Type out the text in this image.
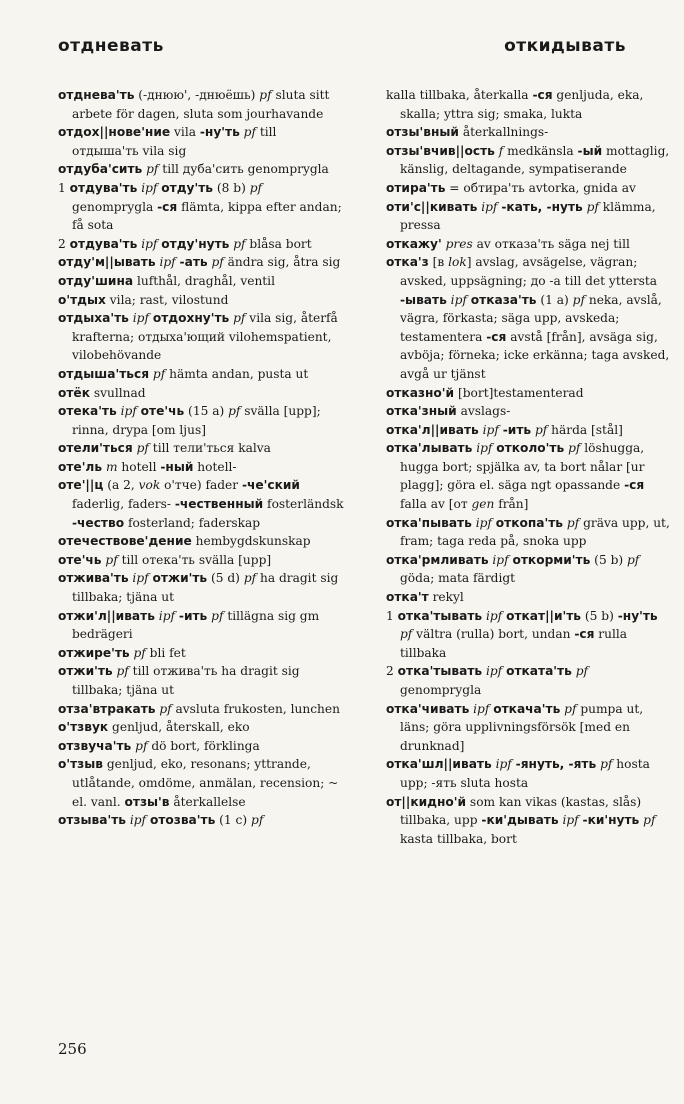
отдневать	откидывать

отднева'ть (-днюю', -днюёшь) pf sluta sitt arbete för dagen, sluta som jourhavande

отдох||нове'ние vila -ну'ть pf till отдыша'ть vila sig

отдуба'сить pf till дуба'сить genomprygla

1 отдува'ть ipf отду'ть (8 b) pf genomprygla -ся flämta, kippa efter andan; få sota

2 отдува'ть ipf отду'нуть pf blåsa bort

отду'м||ывать ipf -ать pf ändra sig, åtra sig

отду'шина lufthål, draghål, ventil

о'тдых vila; rast, vilostund

отдыха'ть ipf отдохну'ть pf vila sig, återfå krafterna; отдыха'ющий vilohemspatient, vilobehövande

отдыша'ться pf hämta andan, pusta ut

отёк svullnad

отека'ть ipf оте'чь (15 a) pf svälla [upp]; rinna, drypa [om ljus]

отели'ться pf till тели'ться kalva

оте'ль m hotell -ный hotell-

оте'||ц (a 2, vok о'тче) fader -че'ский faderlig, faders- -чественный fosterländsk -чество fosterland; faderskap

отечествове'дение hembygdskunskap

оте'чь pf till отека'ть svälla [upp]

отжива'ть ipf отжи'ть (5 d) pf ha dragit sig tillbaka; tjäna ut

отжи'л||ивать ipf -ить pf tillägna sig gm bedrägeri

отжире'ть pf bli fet

отжи'ть pf till отжива'ть ha dragit sig tillbaka; tjäna ut

отза'втракать pf avsluta frukosten, lunchen

о'тзвук genljud, återskall, eko

отзвуча'ть pf dö bort, förklinga

о'тзыв genljud, eko, resonans; yttrande, utlåtande, omdöme, anmälan, recension; ~ el. vanl. отзы'в återkallelse

отзыва'ть ipf отозва'ть (1 c) pf

kalla tillbaka, återkalla -ся genljuda, eka, skalla; yttra sig; smaka, lukta

отзы'вный återkallnings-

отзы'вчив||ость f medkänsla -ый mottaglig, känslig, deltagande, sympatiserande

отира'ть = обтира'ть avtorka, gnida av

оти'с||кивать ipf -кать, -нуть pf klämma, pressa

откажу' pres av отказа'ть säga nej till

отка'з [в lok] avslag, avsägelse, vägran; avsked, uppsägning; до -а till det yttersta -ывать ipf отказа'ть (1 a) pf neka, avslå, vägra, förkasta; säga upp, avskeda; testamentera -ся avstå [från], avsäga sig, avböja; förneka; icke erkänna; taga avsked, avgå ur tjänst

отказно'й [bort]testamenterad

отка'зный avslags-

отка'л||ивать ipf -ить pf härda [stål]

отка'лывать ipf отколо'ть pf löshugga, hugga bort; spjälka av, ta bort nålar [ur plagg]; göra el. säga ngt opassande -ся falla av [от gen från]

отка'пывать ipf откопа'ть pf gräva upp, ut, fram; taga reda på, snoka upp

отка'рмливать ipf откорми'ть (5 b) pf göda; mata färdigt

отка'т rekyl

1 отка'тывать ipf откат||и'ть (5 b) -ну'ть pf vältra (rulla) bort, undan -ся rulla tillbaka

2 отка'тывать ipf отката'ть pf genomprygla

отка'чивать ipf откача'ть pf pumpa ut, läns; göra upplivningsförsök [med en drunknad]

отка'шл||ивать ipf -януть, -ять pf hosta upp; -ять sluta hosta

от||кидно'й som kan vikas (kastas, slås) tillbaka, upp -ки'дывать ipf -ки'нуть pf kasta tillbaka, bort

256
